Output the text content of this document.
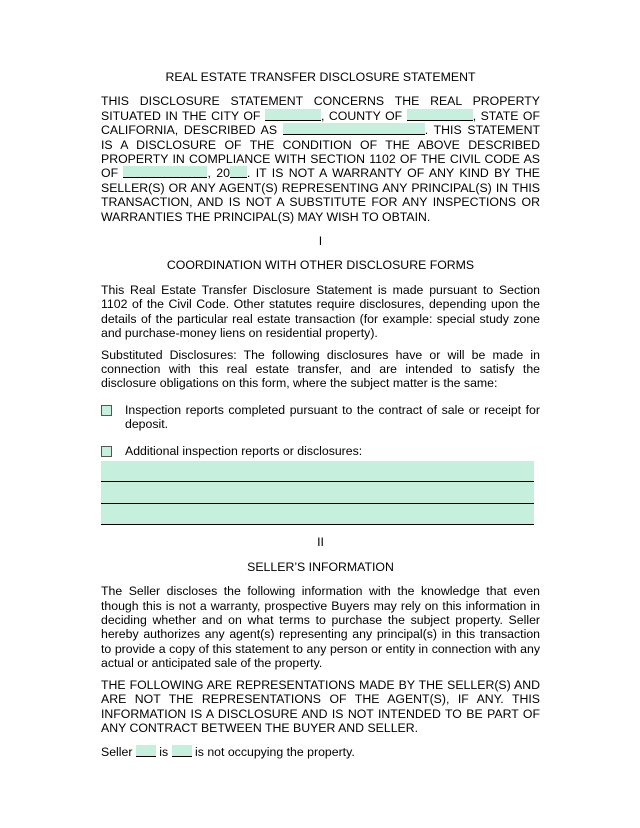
REAL ESTATE TRANSFER DISCLOSURE STATEMENT

THIS DISCLOSURE STATEMENT CONCERNS THE REAL PROPERTY

SITUATED IN THE CITY OF	, COUNTY OF	, STATE OF

CALIFORNIA, DESCRIBED AS	. THIS STATEMENT

IS A DISCLOSURE OF THE CONDITION OF THE ABOVE DESCRIBED

PROPERTY IN COMPLIANCE WITH SECTION 1102 OF THE CIVIL CODE AS

OF	, 20 . IT IS NOT A WARRANTY OF ANY KIND BY THE

SELLER(S) OR ANY AGENT(S) REPRESENTING ANY PRINCIPAL(S) IN THIS TRANSACTION, AND IS NOT A SUBSTITUTE FOR ANY INSPECTIONS OR WARRANTIES THE PRINCIPAL(S) MAY WISH TO OBTAIN.

I

COORDINATION WITH OTHER DISCLOSURE FORMS

This Real Estate Transfer Disclosure Statement is made pursuant to Section 1102 of the Civil Code. Other statutes require disclosures, depending upon the details of the particular real estate transaction (for example: special study zone and purchase-money liens on residential property).

Substituted Disclosures: The following disclosures have or will be made in connection with this real estate transfer, and are intended to satisfy the disclosure obligations on this form, where the subject matter is the same:

Inspection reports completed pursuant to the contract of sale or receipt for deposit.
Additional inspection reports or disclosures:

II

SELLER’S INFORMATION

The Seller discloses the following information with the knowledge that even though this is not a warranty, prospective Buyers may rely on this information in deciding whether and on what terms to purchase the subject property. Seller hereby authorizes any agent(s) representing any principal(s) in this transaction to provide a copy of this statement to any person or entity in connection with any actual or anticipated sale of the property.

THE FOLLOWING ARE REPRESENTATIONS MADE BY THE SELLER(S) AND ARE NOT THE REPRESENTATIONS OF THE AGENT(S), IF ANY. THIS INFORMATION IS A DISCLOSURE AND IS NOT INTENDED TO BE PART OF ANY CONTRACT BETWEEN THE BUYER AND SELLER.

Seller is is not occupying the property.
